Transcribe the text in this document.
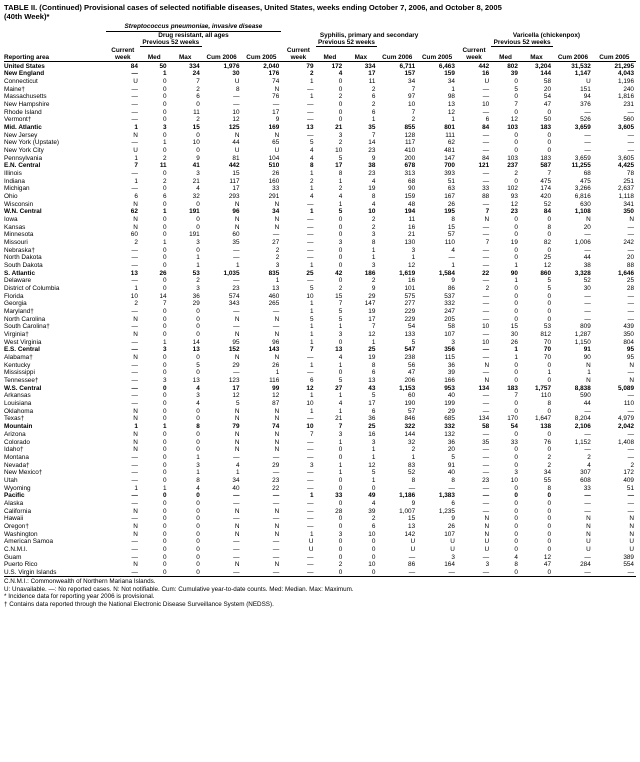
TABLE II. (Continued) Provisional cases of selected notifiable diseases, United States, weeks ending October 7, 2006, and October 8, 2005
(40th Week)*
	Streptococcus pneumoniae, invasive disease														
	Drug resistant, all ages					Syphilis, primary and secondary					Varicella (chickenpox)				
		Previous 52 weeks					Previous 52 weeks					Previous 52 weeks			
Reporting area	Current week	Med	Max	Cum 2006	Cum 2005	Current week	Med	Max	Cum 2006	Cum 2005	Current week	Med	Max	Cum 2006	Cum 2005
United States	84	50	334	1,976	2,040	79	172	334	6,711	6,463	442	802	3,204	31,532	21,295
New England	—	1	24	30	176	2	4	17	157	159	16	39	144	1,147	4,043
Connecticut	U	0	7	U	74	1	0	11	34	34	U	0	58	U	1,196
Maine†	—	0	2	8	N	—	0	2	7	1	—	5	20	151	240
Massachusetts	—	0	6	—	76	1	2	6	97	98	—	0	54	94	1,816
New Hampshire	—	0	0	—	—	—	0	2	10	13	10	7	47	376	231
Rhode Island	—	0	11	10	17	—	0	6	7	12	—	0	0	—	—
Vermont†	—	0	2	12	9	—	0	1	2	1	6	12	50	526	560
Mid. Atlantic	1	3	15	125	169	13	21	35	855	801	84	103	183	3,659	3,605
New Jersey	N	0	0	N	N	—	3	7	128	111	—	0	0	—	—
New York (Upstate)	—	1	10	44	65	5	2	14	117	62	—	0	0	—	—
New York City	U	0	0	U	U	4	10	23	410	481	—	0	0	—	—
Pennsylvania	1	2	9	81	104	4	5	9	200	147	84	103	183	3,659	3,605
E.N. Central	7	11	41	442	510	8	17	38	678	700	121	237	587	11,255	4,425
Illinois	—	0	3	15	26	1	8	23	313	393	—	2	7	68	78
Indiana	1	2	21	117	160	2	1	4	68	51	—	0	475	475	251
Michigan	—	0	4	17	33	1	2	19	90	63	33	102	174	3,266	2,637
Ohio	6	6	32	293	291	4	4	8	159	167	88	93	420	6,816	1,118
Wisconsin	N	0	0	N	N	—	1	4	48	26	—	12	52	630	341
W.N. Central	62	1	191	96	34	1	5	10	194	195	7	23	84	1,108	350
Iowa	N	0	0	N	N	—	0	2	11	8	N	0	0	N	N
Kansas	N	0	0	N	N	—	0	2	16	15	—	0	8	20	—
Minnesota	60	0	191	60	—	—	0	3	21	57	—	0	0	—	—
Missouri	2	1	3	35	27	—	3	8	130	110	7	19	82	1,006	242
Nebraska†	—	0	0	—	2	—	0	1	3	4	—	0	0	—	—
North Dakota	—	0	1	—	2	—	0	1	1	—	—	0	25	44	20
South Dakota	—	0	1	1	3	1	0	3	12	1	—	1	12	38	88
S. Atlantic	13	26	53	1,035	835	25	42	186	1,619	1,584	22	90	860	3,328	1,646
Delaware	—	0	2	—	1	—	0	2	16	9	—	1	5	52	25
District of Columbia	1	0	3	23	13	5	2	9	101	86	2	0	5	30	28
Florida	10	14	36	574	460	10	15	29	575	537	—	0	0	—	—
Georgia	2	7	29	343	265	1	7	147	277	332	—	0	0	—	—
Maryland†	—	0	0	—	—	1	5	19	229	247	—	0	0	—	—
North Carolina	N	0	0	N	N	5	5	17	229	205	—	0	0	—	—
South Carolina†	—	0	0	—	—	1	1	7	54	58	10	15	53	809	439
Virginia†	N	0	0	N	N	1	3	12	133	107	—	30	812	1,287	350
West Virginia	—	1	14	95	96	1	0	1	5	3	10	26	70	1,150	804
E.S. Central	—	3	13	152	143	7	13	25	547	356	—	1	70	91	95
Alabama†	N	0	0	N	N	—	4	19	238	115	—	1	70	90	95
Kentucky	—	0	5	29	26	1	1	8	56	36	N	0	0	N	N
Mississippi	—	0	0	—	1	—	0	6	47	39	—	0	1	1	—
Tennessee†	—	3	13	123	116	6	5	13	206	166	N	0	0	N	N
W.S. Central	—	0	4	17	99	12	27	43	1,153	953	134	183	1,757	8,838	5,089
Arkansas	—	0	3	12	12	1	1	5	60	40	—	7	110	590	—
Louisiana	—	0	4	5	87	10	4	17	190	199	—	0	8	44	110
Oklahoma	N	0	0	N	N	1	1	6	57	29	—	0	0	—	—
Texas†	N	0	0	N	N	—	21	36	846	685	134	170	1,647	8,204	4,979
Mountain	1	1	8	79	74	10	7	25	322	332	58	54	138	2,106	2,042
Arizona	N	0	0	N	N	7	3	16	144	132	—	0	0	—	—
Colorado	N	0	0	N	N	—	1	3	32	36	35	33	76	1,152	1,408
Idaho†	N	0	0	N	N	—	0	1	2	20	—	0	0	—	—
Montana	—	0	1	—	—	—	0	1	1	5	—	0	2	2	—
Nevada†	—	0	3	4	29	3	1	12	83	91	—	0	2	4	2
New Mexico†	—	0	1	1	—	—	1	5	52	40	—	3	34	307	172
Utah	—	0	8	34	23	—	0	1	8	8	23	10	55	608	409
Wyoming	1	1	4	40	22	—	0	0	—	—	—	0	8	33	51
Pacific	—	0	0	—	—	1	33	49	1,186	1,383	—	0	0	—	—
Alaska	—	0	0	—	—	—	0	4	9	6	—	0	0	—	—
California	N	0	0	N	N	—	28	39	1,007	1,235	—	0	0	—	—
Hawaii	—	0	0	—	—	—	0	2	15	9	N	0	0	N	N
Oregon†	N	0	0	N	N	—	0	6	13	26	N	0	0	N	N
Washington	N	0	0	N	N	1	3	10	142	107	N	0	0	N	N
American Samoa	—	0	0	—	—	U	0	0	U	U	U	0	0	U	U
C.N.M.I.	—	0	0	—	—	U	0	0	U	U	U	0	0	U	U
Guam	—	0	0	—	—	—	0	0	—	3	—	4	12	—	389
Puerto Rico	N	0	0	N	N	—	2	10	86	164	3	8	47	284	554
U.S. Virgin Islands	—	0	0	—	—	—	0	0	—	—	—	0	0	—	—
C.N.M.I.: Commonwealth of Northern Mariana Islands.
U: Unavailable. —: No reported cases. N: Not notifiable. Cum: Cumulative year-to-date counts. Med: Median. Max: Maximum.
* Incidence data for reporting year 2006 is provisional.
† Contains data reported through the National Electronic Disease Surveillance System (NEDSS).
